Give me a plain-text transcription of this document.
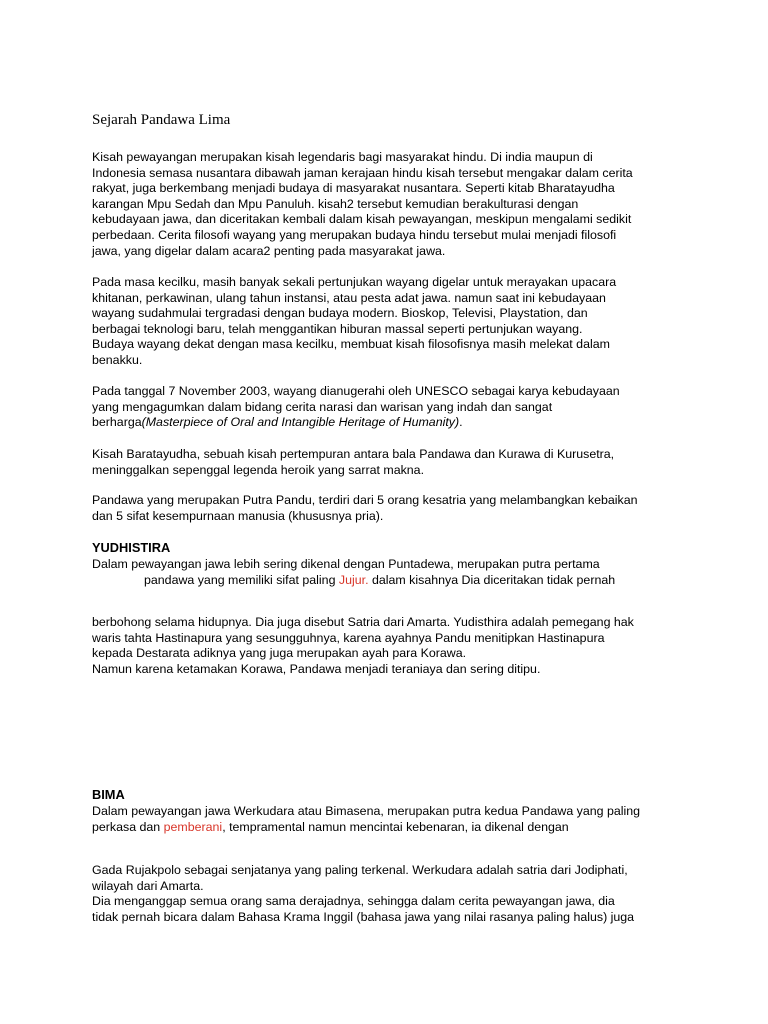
Sejarah Pandawa Lima
Kisah pewayangan merupakan kisah legendaris bagi masyarakat hindu. Di india maupun di
Indonesia semasa nusantara dibawah jaman kerajaan hindu kisah tersebut mengakar dalam cerita
rakyat, juga berkembang menjadi budaya di masyarakat nusantara. Seperti kitab Bharatayudha
karangan Mpu Sedah dan Mpu Panuluh. kisah2 tersebut kemudian berakulturasi dengan
kebudayaan jawa, dan diceritakan kembali dalam kisah pewayangan, meskipun mengalami sedikit
perbedaan. Cerita filosofi wayang yang merupakan budaya hindu tersebut mulai menjadi filosofi
jawa, yang digelar dalam acara2 penting pada masyarakat jawa.
Pada masa kecilku, masih banyak sekali pertunjukan wayang digelar untuk merayakan upacara
khitanan, perkawinan, ulang tahun instansi, atau pesta adat jawa. namun saat ini kebudayaan
wayang sudahmulai tergradasi dengan budaya modern. Bioskop, Televisi, Playstation, dan
berbagai teknologi baru, telah menggantikan hiburan massal seperti pertunjukan wayang.
Budaya wayang dekat dengan masa kecilku, membuat kisah filosofisnya masih melekat dalam
benakku.
Pada tanggal 7 November 2003, wayang dianugerahi oleh UNESCO sebagai karya kebudayaan
yang mengagumkan dalam bidang cerita narasi dan warisan yang indah dan sangat
berharga(Masterpiece of Oral and Intangible Heritage of Humanity).
Kisah Baratayudha, sebuah kisah pertempuran antara bala Pandawa dan Kurawa di Kurusetra,
meninggalkan sepenggal legenda heroik yang sarrat makna.
Pandawa yang merupakan Putra Pandu, terdiri dari 5 orang kesatria yang melambangkan kebaikan
dan 5 sifat kesempurnaan manusia (khususnya pria).
YUDHISTIRA
Dalam pewayangan jawa lebih sering dikenal dengan Puntadewa, merupakan putra pertama
pandawa yang memiliki sifat paling Jujur. dalam kisahnya Dia diceritakan tidak pernah
berbohong selama hidupnya. Dia juga disebut Satria dari Amarta. Yudisthira adalah pemegang hak
waris tahta Hastinapura yang sesungguhnya, karena ayahnya Pandu menitipkan Hastinapura
kepada Destarata adiknya yang juga merupakan ayah para Korawa.
Namun karena ketamakan Korawa, Pandawa menjadi teraniaya dan sering ditipu.
BIMA
Dalam pewayangan jawa Werkudara atau Bimasena, merupakan putra kedua Pandawa yang paling
perkasa dan pemberani, tempramental namun mencintai kebenaran, ia dikenal dengan
Gada Rujakpolo sebagai senjatanya yang paling terkenal. Werkudara adalah satria dari Jodiphati,
wilayah dari Amarta.
Dia menganggap semua orang sama derajadnya, sehingga dalam cerita pewayangan jawa, dia
tidak pernah bicara dalam Bahasa Krama Inggil (bahasa jawa yang nilai rasanya paling halus) juga
